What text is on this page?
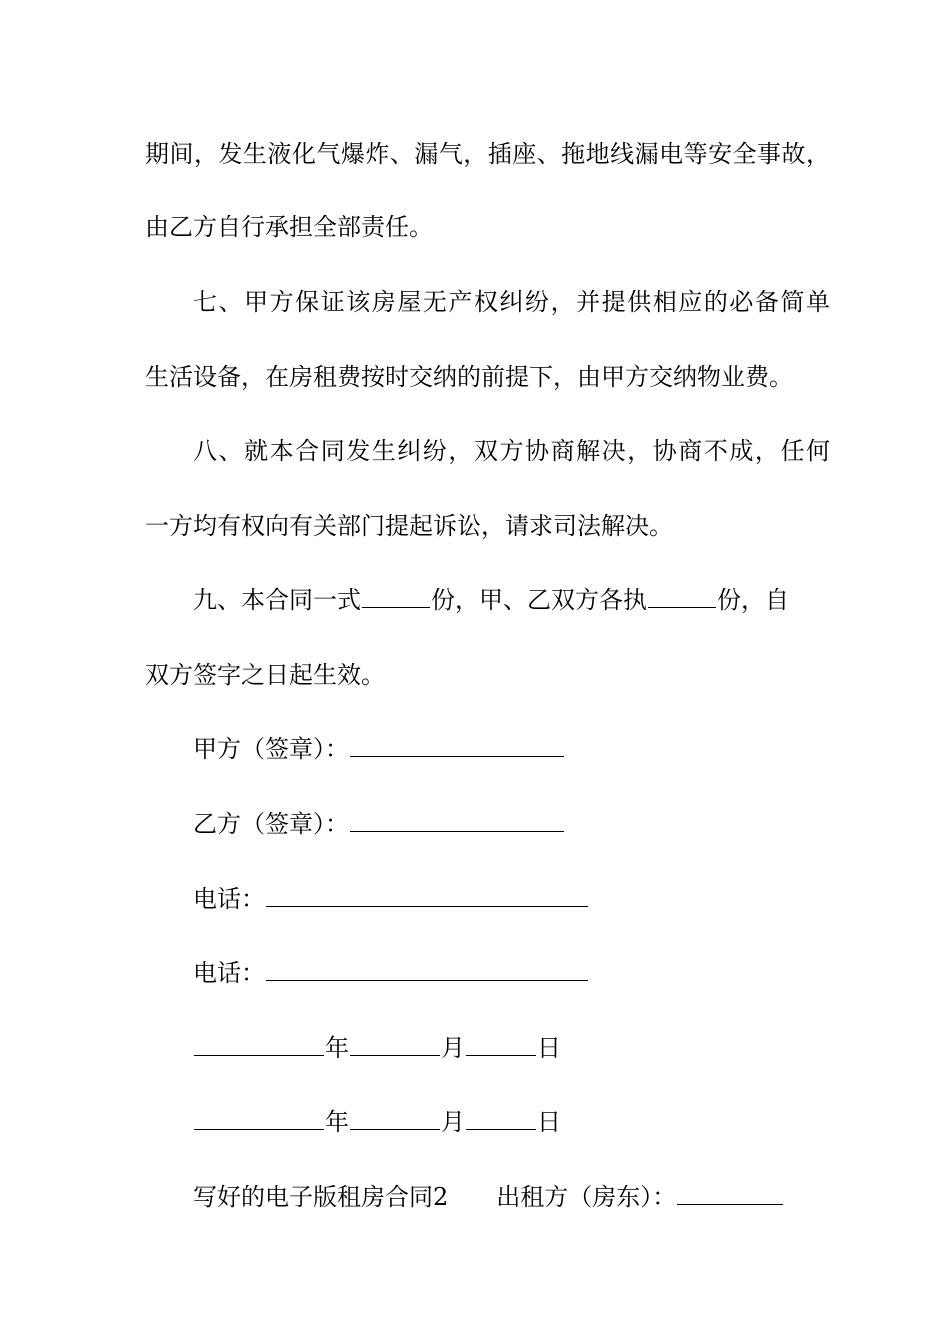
期间，发生液化气爆炸、漏气，插座、拖地线漏电等安全事故，
由乙方自行承担全部责任。
七、甲方保证该房屋无产权纠纷，并提供相应的必备简单
生活设备，在房租费按时交纳的前提下，由甲方交纳物业费。
八、就本合同发生纠纷，双方协商解决，协商不成，任何
一方均有权向有关部门提起诉讼，请求司法解决。
九、本合同一式	份，甲、乙双方各执	份，自
双方签字之日起生效。
甲方（签章）：
乙方（签章）：
电话：
电话：
年	月	日
年	月	日
写好的电子版租房合同2 出租方（房东）：
